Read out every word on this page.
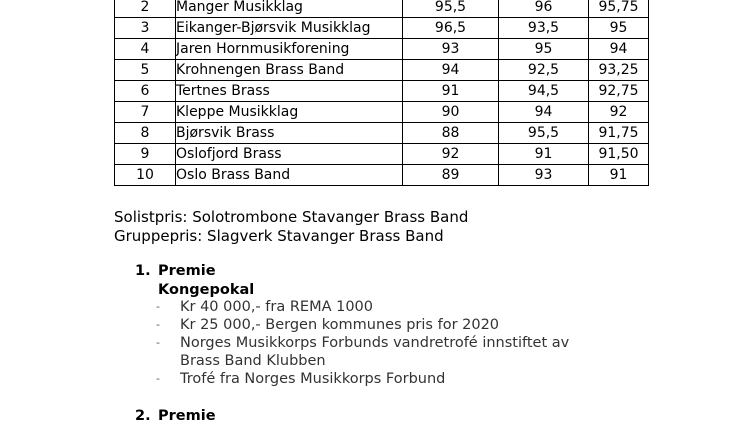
2	Manger Musikklag	95,5	96	95,75
3	Eikanger-Bjørsvik Musikklag	96,5	93,5	95
4	Jaren Hornmusikforening	93	95	94
5	Krohnengen Brass Band	94	92,5	93,25
6	Tertnes Brass	91	94,5	92,75
7	Kleppe Musikklag	90	94	92
8	Bjørsvik Brass	88	95,5	91,75
9	Oslofjord Brass	92	91	91,50
10	Oslo Brass Band	89	93	91
Solistpris: Solotrombone Stavanger Brass Band
Gruppepris: Slagverk Stavanger Brass Band
1. Premie
Kongepokal
-	Kr 40 000,- fra REMA 1000
-	Kr 25 000,- Bergen kommunes pris for 2020
-	Norges Musikkorps Forbunds vandretrofé innstiftet av
Brass Band Klubben
-	Trofé fra Norges Musikkorps Forbund
2. Premie
